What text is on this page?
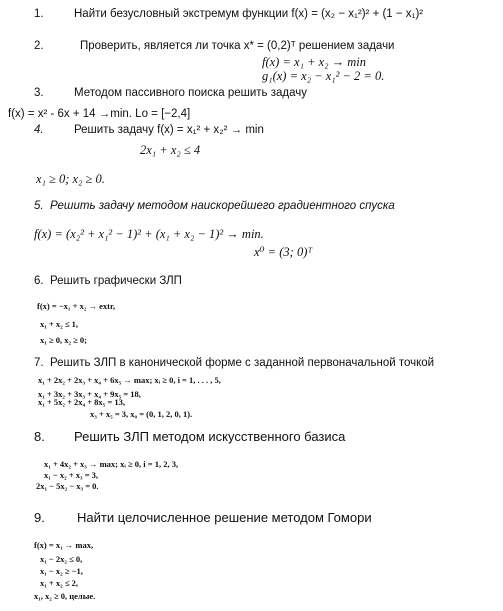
1.	Найти безусловный экстремум функции f(x) = (x₂ − x₁²)² + (1 − x₁)²
2.	Проверить, является ли точка x* = (0,2)ᵀ решением задачи
f(x) = x₁ + x₂ → min
g₁(x) = x₂ − x₁² − 2 = 0.
3.	Методом пассивного поиска решить задачу
f(x) = x² - 6x + 14 →min. Lo = [−2,4]
4.	Решить задачу f(x) = x₁² + x₂² → min
2x₁ + x₂ ≤ 4
x₁ ≥ 0; x₂ ≥ 0.
5. Решить задачу методом наискорейшего градиентного спуска
f(x) = (x₂² + x₁² − 1)² + (x₁ + x₂ − 1)² → min.
x⁰ = (3; 0)ᵀ
6. Решить графически ЗЛП
f(x) = −x₁ + x₂ → extr,
x₁ + x₂ ≤ 1,
x₁ ≥ 0, x₂ ≥ 0;
7. Решить ЗЛП в канонической форме с заданной первоначальной точкой
x₁ + 2x₂ + 2x₃ + x₄ + 6x₅ → max; xᵢ ≥ 0, i = 1, . . . , 5,
x₁ + 3x₂ + 3x₃ + x₄ + 9x₅ = 18,
x₁ + 5x₂ + 2x₄ + 8x₅ = 13,
x₃ + x₅ = 3, x₀ = (0, 1, 2, 0, 1).
8. Решить ЗЛП методом искусственного базиса
x₁ + 4x₂ + x₃ → max; xᵢ ≥ 0, i = 1, 2, 3,
x₁ − x₂ + x₃ = 3,
2x₁ − 5x₂ − x₃ = 0.
9. Найти целочисленное решение методом Гомори
f(x) = x₁ → max,
x₁ − 2x₂ ≤ 0,
x₁ − x₂ ≥ −1,
x₁ + x₂ ≤ 2,
x₁, x₂ ≥ 0, целые.
